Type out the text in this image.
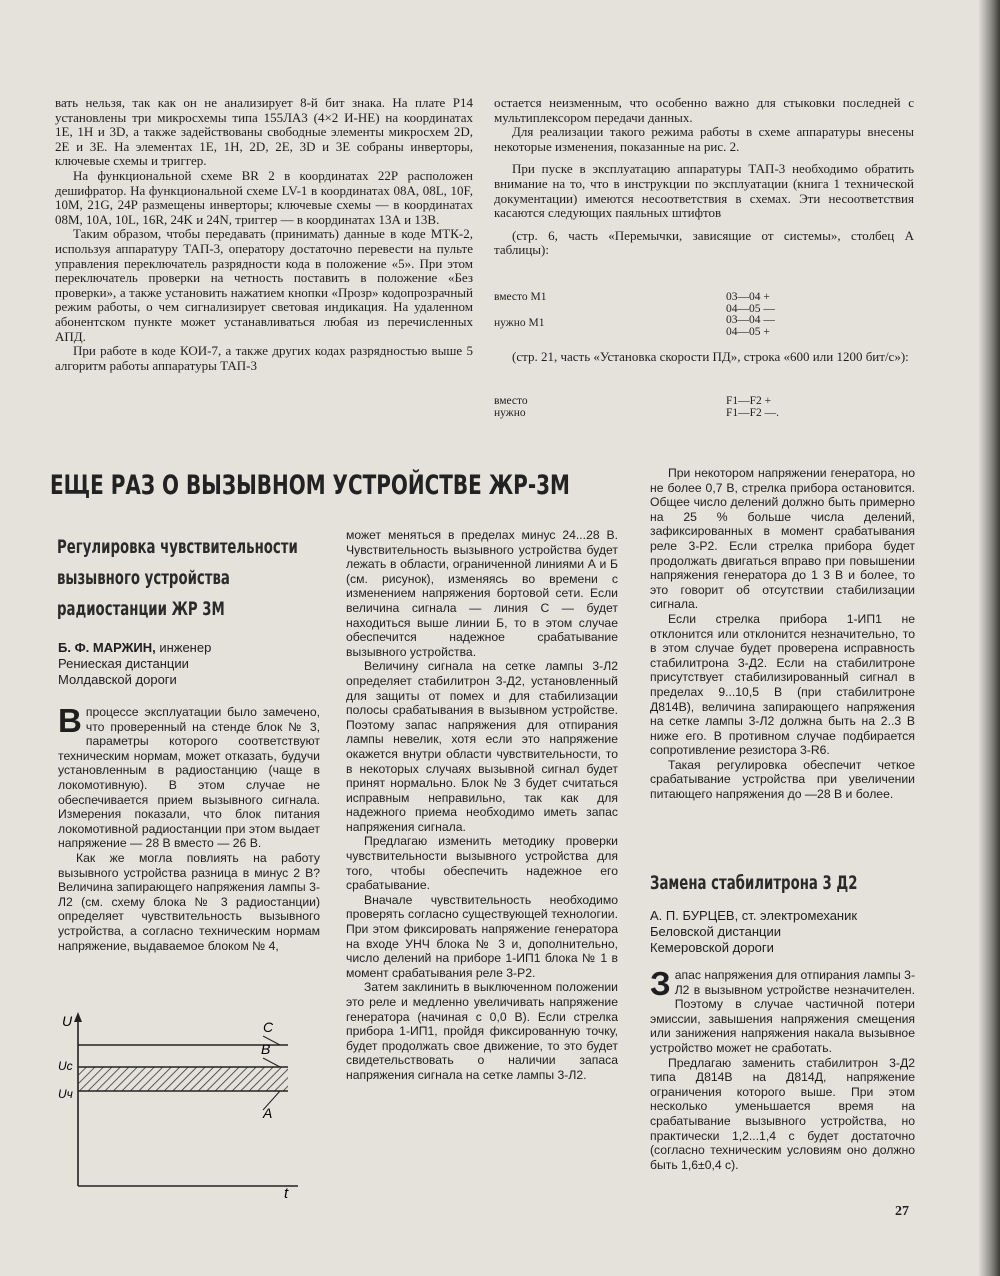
вать нельзя, так как он не анализирует 8-й бит знака. На плате Р14 установлены три микросхемы типа 155ЛА3 (4×2 И-НЕ) на координатах 1Е, 1Н и 3D, а также задействованы свободные элементы микросхем 2D, 2Е и 3Е. На элементах 1Е, 1Н, 2D, 2Е, 3D и 3Е собраны инверторы, ключевые схемы и триггер.

На функциональной схеме BR 2 в координатах 22Р расположен дешифратор. На функциональной схеме LV-1 в координатах 08А, 08L, 10F, 10М, 21G, 24Р размещены инверторы; ключевые схемы — в координатах 08М, 10А, 10L, 16R, 24K и 24N, триггер — в координатах 13А и 13В.

Таким образом, чтобы передавать (принимать) данные в коде МТК-2, используя аппаратуру ТАП-3, оператору достаточно перевести на пульте управления переключатель разрядности кода в положение «5». При этом переключатель проверки на четность поставить в положение «Без проверки», а также установить нажатием кнопки «Прозр» кодопрозрачный режим работы, о чем сигнализирует световая индикация. На удаленном абонентском пункте может устанавливаться любая из перечисленных АПД.

При работе в коде КОИ-7, а также других кодах разрядностью выше 5 алгоритм работы аппаратуры ТАП-3

остается неизменным, что особенно важно для стыковки последней с мультиплексором передачи данных.

Для реализации такого режима работы в схеме аппаратуры внесены некоторые изменения, показанные на рис. 2.

При пуске в эксплуатацию аппаратуры ТАП-3 необходимо обратить внимание на то, что в инструкции по эксплуатации (книга 1 технической документации) имеются несоответствия в схемах. Эти несоответствия касаются следующих паяльных штифтов

(стр. 6, часть «Перемычки, зависящие от системы», столбец А таблицы):

вместо М1
нужно М1
03—04 +
04—05 —
03—04 —
04—05 +

(стр. 21, часть «Установка скорости ПД», строка «600 или 1200 бит/с»):

вместо
нужно
F1—F2 +
F1—F2 —.
ЕЩЕ РАЗ О ВЫЗЫВНОМ УСТРОЙСТВЕ ЖР-3М
Регулировка чувствительности
вызывного устройства
радиостанции ЖР 3М
Б. Ф. МАРЖИН, инженер
Рениеская дистанции
Молдавской дороги

Впроцессе эксплуатации было замечено, что проверенный на стенде блок № 3, параметры которого соответствуют техническим нормам, может отказать, будучи установленным в радиостанцию (чаще в локомотивную). В этом случае не обеспечивается прием вызывного сигнала. Измерения показали, что блок питания локомотивной радиостанции при этом выдает напряжение — 28 В вместо — 26 В.

Как же могла повлиять на работу вызывного устройства разница в минус 2 В? Величина запирающего напряжения лампы 3-Л2 (см. схему блока № 3 радиостанции) определяет чувствительность вызывного устройства, а согласно техническим нормам напряжение, выдаваемое блоком № 4,

U
Uс
Uч
C
B
A
t

может меняться в пределах минус 24...28 В. Чувствительность вызывного устройства будет лежать в области, ограниченной линиями А и Б (см. рисунок), изменяясь во времени с изменением напряжения бортовой сети. Если величина сигнала — линия С — будет находиться выше линии Б, то в этом случае обеспечится надежное срабатывание вызывного устройства.

Величину сигнала на сетке лампы 3-Л2 определяет стабилитрон 3-Д2, установленный для защиты от помех и для стабилизации полосы срабатывания в вызывном устройстве. Поэтому запас напряжения для отпирания лампы невелик, хотя если это напряжение окажется внутри области чувствительности, то в некоторых случаях вызывной сигнал будет принят нормально. Блок № 3 будет считаться исправным неправильно, так как для надежного приема необходимо иметь запас напряжения сигнала.

Предлагаю изменить методику проверки чувствительности вызывного устройства для того, чтобы обеспечить надежное его срабатывание.

Вначале чувствительность необходимо проверять согласно существующей технологии. При этом фиксировать напряжение генератора на входе УНЧ блока № 3 и, дополнительно, число делений на приборе 1-ИП1 блока № 1 в момент срабатывания реле 3-Р2.

Затем заклинить в выключенном положении это реле и медленно увеличивать напряжение генератора (начиная с 0,0 В). Если стрелка прибора 1-ИП1, пройдя фиксированную точку, будет продолжать свое движение, то это будет свидетельствовать о наличии запаса напряжения сигнала на сетке лампы 3-Л2.

При некотором напряжении генератора, но не более 0,7 В, стрелка прибора остановится. Общее число делений должно быть примерно на 25 % больше числа делений, зафиксированных в момент срабатывания реле 3-Р2. Если стрелка прибора будет продолжать двигаться вправо при повышении напряжения генератора до 1 3 В и более, то это говорит об отсутствии стабилизации сигнала.

Если стрелка прибора 1-ИП1 не отклонится или отклонится незначительно, то в этом случае будет проверена исправность стабилитрона 3-Д2. Если на стабилитроне присутствует стабилизированный сигнал в пределах 9...10,5 В (при стабилитроне Д814В), величина запирающего напряжения на сетке лампы 3-Л2 должна быть на 2..3 В ниже его. В противном случае подбирается сопротивление резистора 3-R6.

Такая регулировка обеспечит четкое срабатывание устройства при увеличении питающего напряжения до —28 В и более.

Замена стабилитрона 3 Д2
А. П. БУРЦЕВ, ст. электромеханик
Беловской дистанции
Кемеровской дороги

Запас напряжения для отпирания лампы 3-Л2 в вызывном устройстве незначителен. Поэтому в случае частичной потери эмиссии, завышения напряжения смещения или занижения напряжения накала вызывное устройство может не сработать.

Предлагаю заменить стабилитрон 3-Д2 типа Д814В на Д814Д, напряжение ограничения которого выше. При этом несколько уменьшается время на срабатывание вызывного устройства, но практически 1,2...1,4 с будет достаточно (согласно техническим условиям оно должно быть 1,6±0,4 с).

27
